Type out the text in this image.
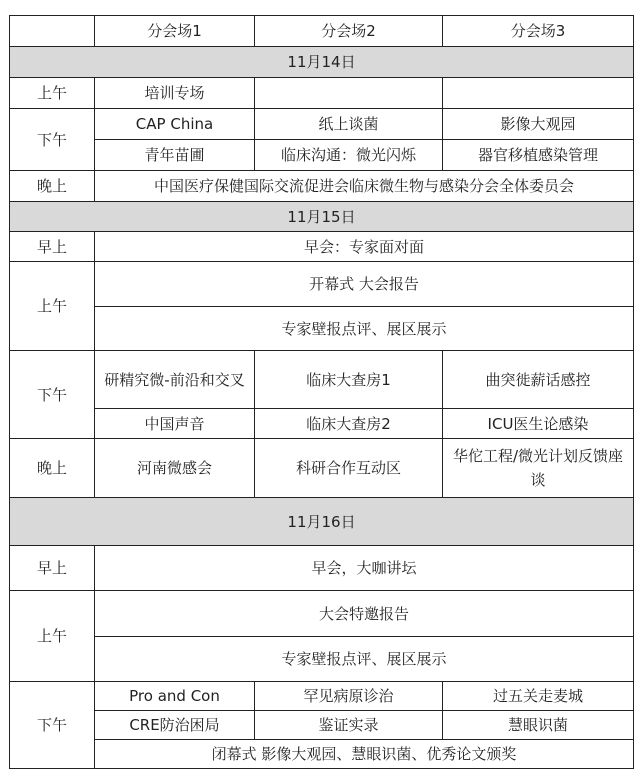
	分会场1	分会场2	分会场3
11月14日			
上午	培训专场		
下午	CAP China	纸上谈菌	影像大观园
	青年苗圃	临床沟通：微光闪烁	器官移植感染管理
晚上	中国医疗保健国际交流促进会临床微生物与感染分会全体委员会		
11月15日			
早上	早会：专家面对面		
上午	开幕式 大会报告		
	专家壁报点评、展区展示		
下午	研精究微-前沿和交叉	临床大查房1	曲突徙薪话感控
	中国声音	临床大查房2	ICU医生论感染
晚上	河南微感会	科研合作互动区	华佗工程/微光计划反馈座谈
11月16日			
早上	早会，大咖讲坛		
上午	大会特邀报告		
	专家壁报点评、展区展示		
下午	Pro and Con	罕见病原诊治	过五关走麦城
	CRE防治困局	鉴证实录	慧眼识菌
	闭幕式 影像大观园、慧眼识菌、优秀论文颁奖		
